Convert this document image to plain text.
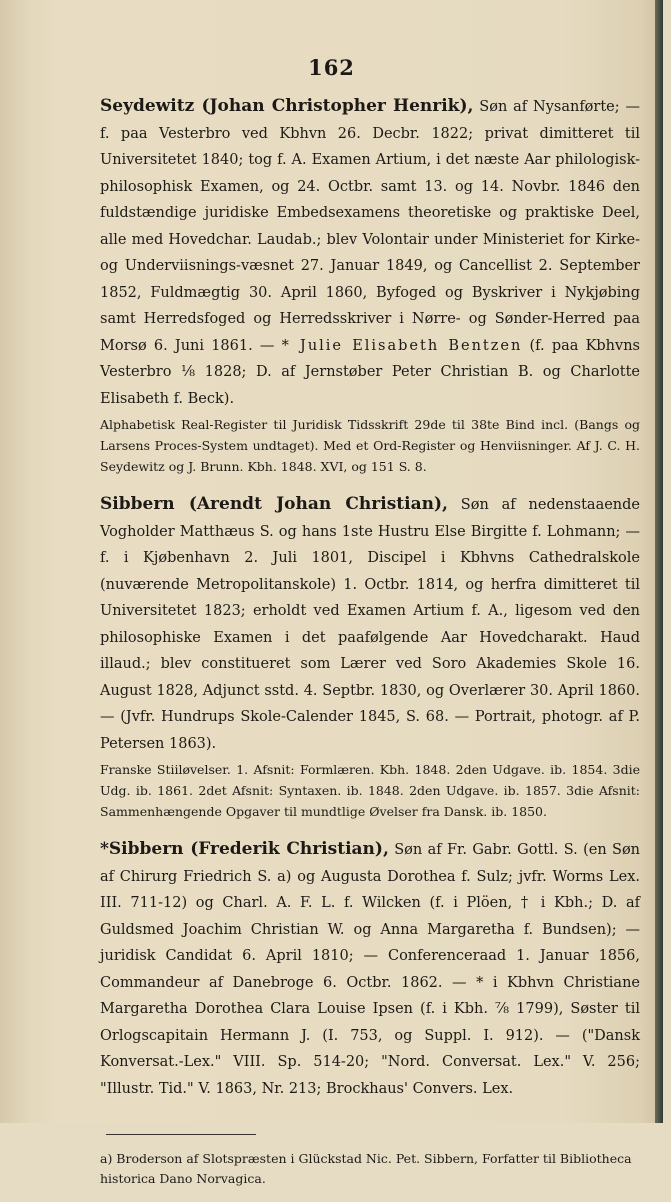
162

Seydewitz (Johan Christopher Henrik), Søn af Nysanførte; — f. paa Vesterbro ved Kbhvn 26. Decbr. 1822; privat dimitteret til Universitetet 1840; tog f. A. Examen Artium, i det næste Aar philologisk-philosophisk Examen, og 24. Octbr. samt 13. og 14. Novbr. 1846 den fuldstændige juridiske Embedsexamens theoretiske og praktiske Deel, alle med Hovedchar. Laudab.; blev Volontair under Ministeriet for Kirke- og Underviisnings-væsnet 27. Januar 1849, og Cancellist 2. September 1852, Fuldmægtig 30. April 1860, Byfoged og Byskriver i Nykjøbing samt Herredsfoged og Herredsskriver i Nørre- og Sønder-Herred paa Morsø 6. Juni 1861. — * Julie Elisabeth Bentzen (f. paa Kbhvns Vesterbro ⅛ 1828; D. af Jernstøber Peter Christian B. og Charlotte Elisabeth f. Beck).

Alphabetisk Real-Register til Juridisk Tidsskrift 29de til 38te Bind incl. (Bangs og Larsens Proces-System undtaget). Med et Ord-Register og Henviisninger. Af J. C. H. Seydewitz og J. Brunn. Kbh. 1848. XVI, og 151 S. 8.

Sibbern (Arendt Johan Christian), Søn af nedenstaaende Vogholder Matthæus S. og hans 1ste Hustru Else Birgitte f. Lohmann; — f. i Kjøbenhavn 2. Juli 1801, Discipel i Kbhvns Cathedralskole (nuværende Metropolitanskole) 1. Octbr. 1814, og herfra dimitteret til Universitetet 1823; erholdt ved Examen Artium f. A., ligesom ved den philosophiske Examen i det paafølgende Aar Hovedcharakt. Haud illaud.; blev constitueret som Lærer ved Soro Akademies Skole 16. August 1828, Adjunct sstd. 4. Septbr. 1830, og Overlærer 30. April 1860. — (Jvfr. Hundrups Skole-Calender 1845, S. 68. — Portrait, photogr. af P. Petersen 1863).

Franske Stiiløvelser. 1. Afsnit: Formlæren. Kbh. 1848. 2den Udgave. ib. 1854. 3die Udg. ib. 1861. 2det Afsnit: Syntaxen. ib. 1848. 2den Udgave. ib. 1857. 3die Afsnit: Sammenhængende Opgaver til mundtlige Øvelser fra Dansk. ib. 1850.

*Sibbern (Frederik Christian), Søn af Fr. Gabr. Gottl. S. (en Søn af Chirurg Friedrich S. a) og Augusta Dorothea f. Sulz; jvfr. Worms Lex. III. 711-12) og Charl. A. F. L. f. Wilcken (f. i Plöen, † i Kbh.; D. af Guldsmed Joachim Christian W. og Anna Margaretha f. Bundsen); — juridisk Candidat 6. April 1810; — Conferenceraad 1. Januar 1856, Commandeur af Danebroge 6. Octbr. 1862. — * i Kbhvn Christiane Margaretha Dorothea Clara Louise Ipsen (f. i Kbh. ⅞ 1799), Søster til Orlogscapitain Hermann J. (I. 753, og Suppl. I. 912). — ("Dansk Konversat.-Lex." VIII. Sp. 514-20; "Nord. Conversat. Lex." V. 256; "Illustr. Tid." V. 1863, Nr. 213; Brockhaus' Convers. Lex.

a) Broderson af Slotspræsten i Glückstad Nic. Pet. Sibbern, Forfatter til Bibliotheca historica Dano Norvagica.
